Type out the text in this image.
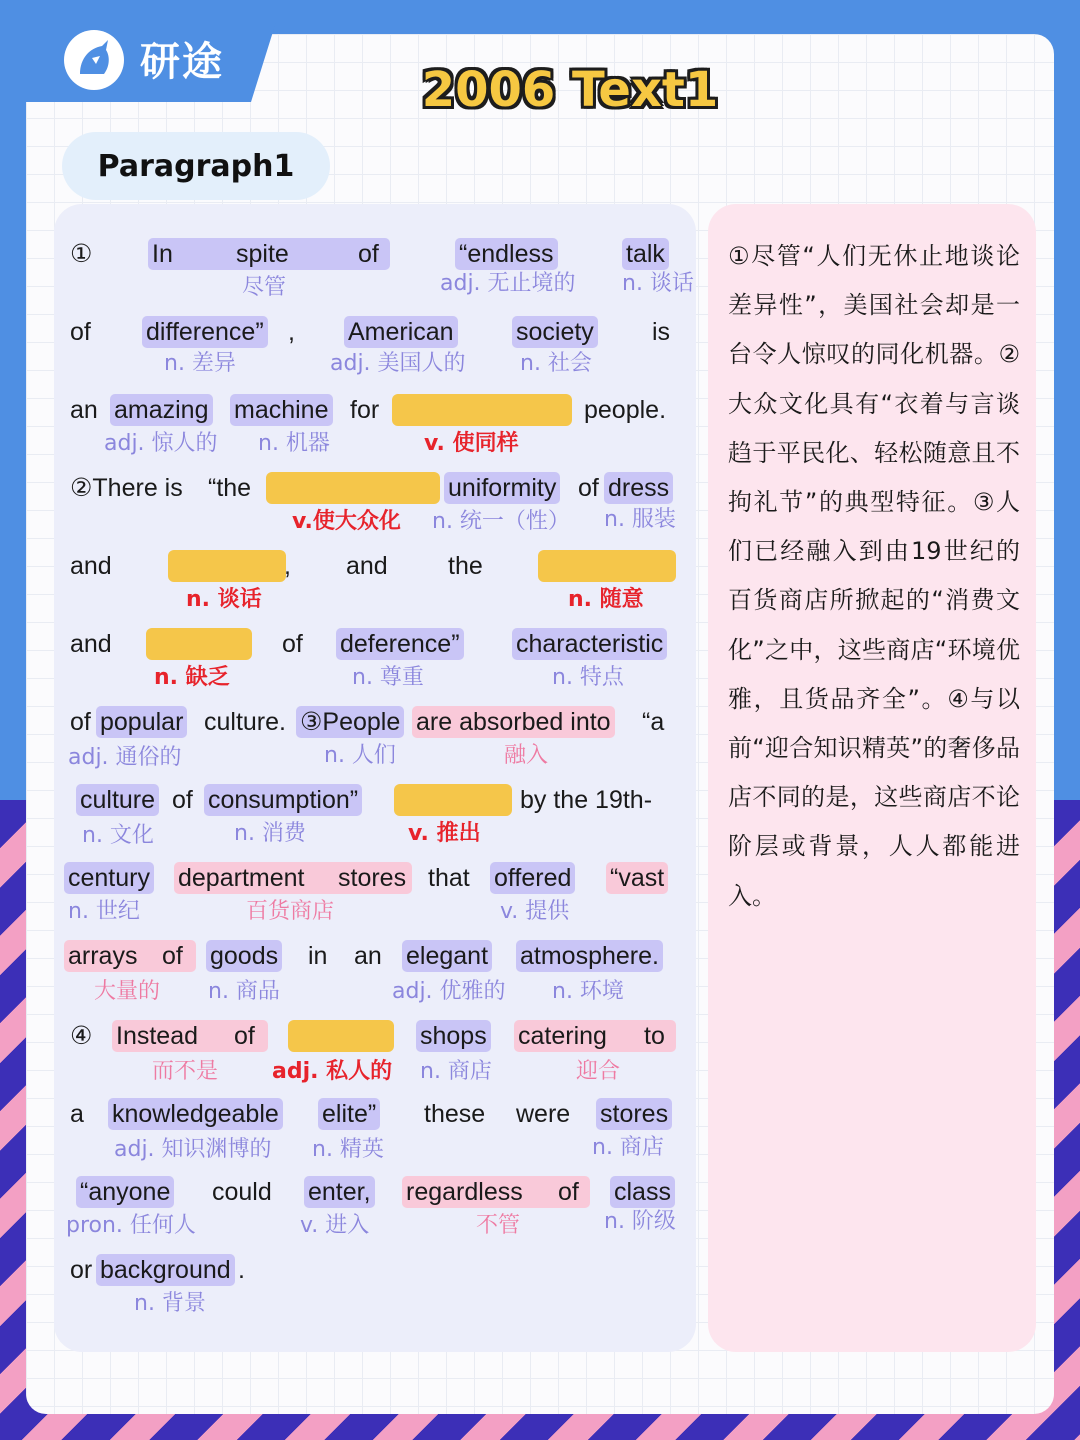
研途	2006 Text1
Paragraph1
①尽管“人们无休止地谈论差异性”，美国社会却是一台令人惊叹的同化机器。②大众文化具有“衣着与言谈趋于平民化、轻松随意且不拘礼节”的典型特征。③人们已经融入到由19世纪的百货商店所掀起的“消费文化”之中，这些商店“环境优雅，且货品齐全”。④与以前“迎合知识精英”的奢侈品店不同的是，这些商店不论阶层或背景，人人都能进入。
① In	spite	of	“endless	talk
尽管	adj. 无止境的 n. 谈话
of difference” , American society is
n. 差异	adj. 美国人的 n. 社会
an amazing machine for	people.
adj. 惊人的 n. 机器	v. 使同样
②There is “the	uniformity of dress
v.使大众化 n. 统一（性） n. 服装
and	, and the
n. 谈话	n. 随意
and	of deference” characteristic
n. 缺乏	n. 尊重	n. 特点
of popular culture. ③People are absorbed into “a
adj. 通俗的	n. 人们	融入
culture of consumption”	by the 19th-
n. 文化	n. 消费	v. 推出
century department stores that offered “vast
n. 世纪	百货商店	v. 提供
arrays of goods in an elegant atmosphere.
大量的 n. 商品	adj. 优雅的 n. 环境
④ Instead of	shops catering to
而不是 adj. 私人的 n. 商店	迎合
a knowledgeable elite” these were stores
adj. 知识渊博的 n. 精英	n. 商店
“anyone could enter, regardless of class
pron. 任何人	v. 进入	不管	n. 阶级
or background .
n. 背景
